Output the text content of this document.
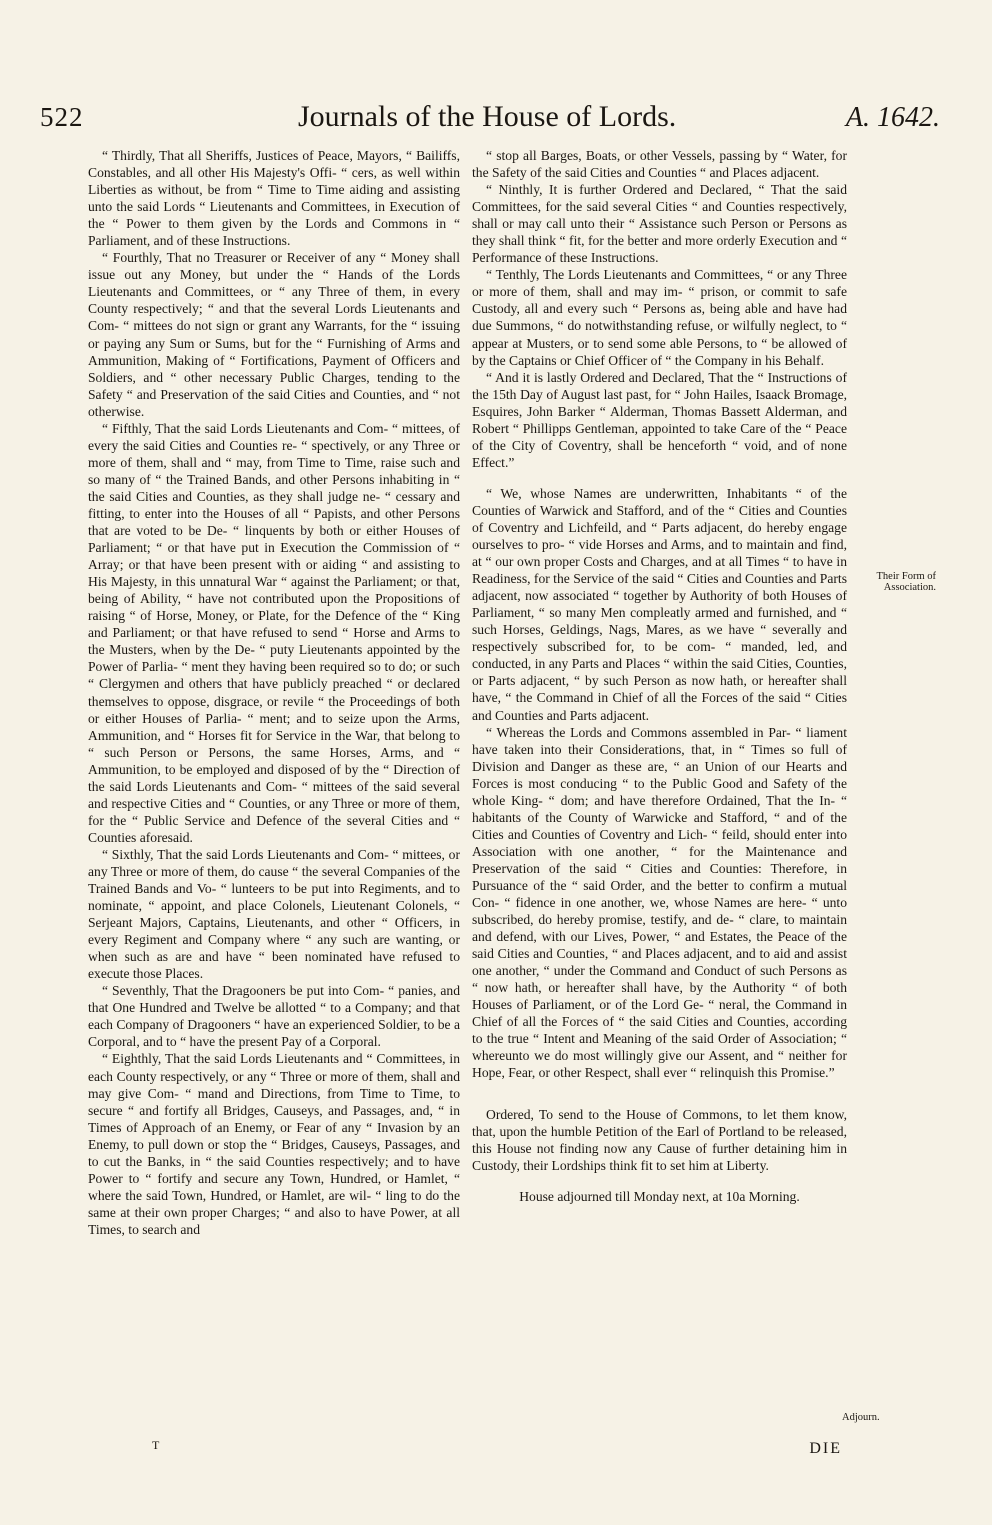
522	Journals of the House of Lords.	A. 1642.

“ Thirdly, That all Sheriffs, Justices of Peace, Mayors, “ Bailiffs, Constables, and all other His Majesty's Offi- “ cers, as well within Liberties as without, be from “ Time to Time aiding and assisting unto the said Lords “ Lieutenants and Committees, in Execution of the “ Power to them given by the Lords and Commons in “ Parliament, and of these Instructions.

“ Fourthly, That no Treasurer or Receiver of any “ Money shall issue out any Money, but under the “ Hands of the Lords Lieutenants and Committees, or “ any Three of them, in every County respectively; “ and that the several Lords Lieutenants and Com- “ mittees do not sign or grant any Warrants, for the “ issuing or paying any Sum or Sums, but for the “ Furnishing of Arms and Ammunition, Making of “ Fortifications, Payment of Officers and Soldiers, and “ other necessary Public Charges, tending to the Safety “ and Preservation of the said Cities and Counties, and “ not otherwise.

“ Fifthly, That the said Lords Lieutenants and Com- “ mittees, of every the said Cities and Counties re- “ spectively, or any Three or more of them, shall and “ may, from Time to Time, raise such and so many of “ the Trained Bands, and other Persons inhabiting in “ the said Cities and Counties, as they shall judge ne- “ cessary and fitting, to enter into the Houses of all “ Papists, and other Persons that are voted to be De- “ linquents by both or either Houses of Parliament; “ or that have put in Execution the Commission of “ Array; or that have been present with or aiding “ and assisting to His Majesty, in this unnatural War “ against the Parliament; or that, being of Ability, “ have not contributed upon the Propositions of raising “ of Horse, Money, or Plate, for the Defence of the “ King and Parliament; or that have refused to send “ Horse and Arms to the Musters, when by the De- “ puty Lieutenants appointed by the Power of Parlia- “ ment they having been required so to do; or such “ Clergymen and others that have publicly preached “ or declared themselves to oppose, disgrace, or revile “ the Proceedings of both or either Houses of Parlia- “ ment; and to seize upon the Arms, Ammunition, and “ Horses fit for Service in the War, that belong to “ such Person or Persons, the same Horses, Arms, and “ Ammunition, to be employed and disposed of by the “ Direction of the said Lords Lieutenants and Com- “ mittees of the said several and respective Cities and “ Counties, or any Three or more of them, for the “ Public Service and Defence of the several Cities and “ Counties aforesaid.

“ Sixthly, That the said Lords Lieutenants and Com- “ mittees, or any Three or more of them, do cause “ the several Companies of the Trained Bands and Vo- “ lunteers to be put into Regiments, and to nominate, “ appoint, and place Colonels, Lieutenant Colonels, “ Serjeant Majors, Captains, Lieutenants, and other “ Officers, in every Regiment and Company where “ any such are wanting, or when such as are and have “ been nominated have refused to execute those Places.

“ Seventhly, That the Dragooners be put into Com- “ panies, and that One Hundred and Twelve be allotted “ to a Company; and that each Company of Dragooners “ have an experienced Soldier, to be a Corporal, and to “ have the present Pay of a Corporal.

“ Eighthly, That the said Lords Lieutenants and “ Committees, in each County respectively, or any “ Three or more of them, shall and may give Com- “ mand and Directions, from Time to Time, to secure “ and fortify all Bridges, Causeys, and Passages, and, “ in Times of Approach of an Enemy, or Fear of any “ Invasion by an Enemy, to pull down or stop the “ Bridges, Causeys, Passages, and to cut the Banks, in “ the said Counties respectively; and to have Power to “ fortify and secure any Town, Hundred, or Hamlet, “ where the said Town, Hundred, or Hamlet, are wil- “ ling to do the same at their own proper Charges; “ and also to have Power, at all Times, to search and

“ stop all Barges, Boats, or other Vessels, passing by “ Water, for the Safety of the said Cities and Counties “ and Places adjacent.

“ Ninthly, It is further Ordered and Declared, “ That the said Committees, for the said several Cities “ and Counties respectively, shall or may call unto their “ Assistance such Person or Persons as they shall think “ fit, for the better and more orderly Execution and “ Performance of these Instructions.

“ Tenthly, The Lords Lieutenants and Committees, “ or any Three or more of them, shall and may im- “ prison, or commit to safe Custody, all and every such “ Persons as, being able and have had due Summons, “ do notwithstanding refuse, or wilfully neglect, to “ appear at Musters, or to send some able Persons, to “ be allowed of by the Captains or Chief Officer of “ the Company in his Behalf.

“ And it is lastly Ordered and Declared, That the “ Instructions of the 15th Day of August last past, for “ John Hailes, Isaack Bromage, Esquires, John Barker “ Alderman, Thomas Bassett Alderman, and Robert “ Phillipps Gentleman, appointed to take Care of the “ Peace of the City of Coventry, shall be henceforth “ void, and of none Effect.”

“ We, whose Names are underwritten, Inhabitants “ of the Counties of Warwick and Stafford, and of the “ Cities and Counties of Coventry and Lichfeild, and “ Parts adjacent, do hereby engage ourselves to pro- “ vide Horses and Arms, and to maintain and find, at “ our own proper Costs and Charges, and at all Times “ to have in Readiness, for the Service of the said “ Cities and Counties and Parts adjacent, now associated “ together by Authority of both Houses of Parliament, “ so many Men compleatly armed and furnished, and “ such Horses, Geldings, Nags, Mares, as we have “ severally and respectively subscribed for, to be com- “ manded, led, and conducted, in any Parts and Places “ within the said Cities, Counties, or Parts adjacent, “ by such Person as now hath, or hereafter shall have, “ the Command in Chief of all the Forces of the said “ Cities and Counties and Parts adjacent.

“ Whereas the Lords and Commons assembled in Par- “ liament have taken into their Considerations, that, in “ Times so full of Division and Danger as these are, “ an Union of our Hearts and Forces is most conducing “ to the Public Good and Safety of the whole King- “ dom; and have therefore Ordained, That the In- “ habitants of the County of Warwicke and Stafford, “ and of the Cities and Counties of Coventry and Lich- “ feild, should enter into Association with one another, “ for the Maintenance and Preservation of the said “ Cities and Counties: Therefore, in Pursuance of the “ said Order, and the better to confirm a mutual Con- “ fidence in one another, we, whose Names are here- “ unto subscribed, do hereby promise, testify, and de- “ clare, to maintain and defend, with our Lives, Power, “ and Estates, the Peace of the said Cities and Counties, “ and Places adjacent, and to aid and assist one another, “ under the Command and Conduct of such Persons as “ now hath, or hereafter shall have, by the Authority “ of both Houses of Parliament, or of the Lord Ge- “ neral, the Command in Chief of all the Forces of “ the said Cities and Counties, according to the true “ Intent and Meaning of the said Order of Association; “ whereunto we do most willingly give our Assent, and “ neither for Hope, Fear, or other Respect, shall ever “ relinquish this Promise.”

Ordered, To send to the House of Commons, to let them know, that, upon the humble Petition of the Earl of Portland to be released, this House not finding now any Cause of further detaining him in Custody, their Lordships think fit to set him at Liberty.

House adjourned till Monday next, at 10a Morning.

Their Form of Association.
Adjourn.
T	DIE
